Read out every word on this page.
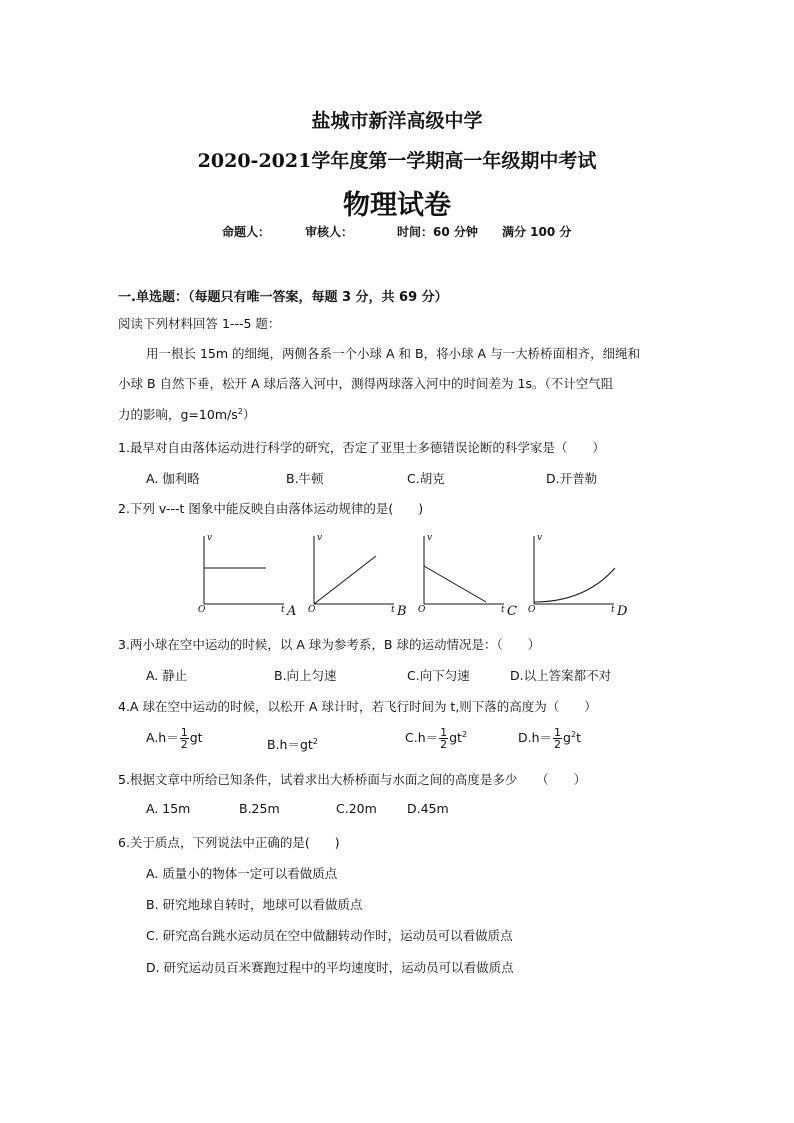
盐城市新洋高级中学
2020-2021学年度第一学期高一年级期中考试
物理试卷
命题人：	审核人：	时间：60 分钟 满分 100 分
一.单选题：（每题只有唯一答案，每题 3 分，共 69 分）
阅读下列材料回答 1---5 题：
用一根长 15m 的细绳，两侧各系一个小球 A 和 B，将小球 A 与一大桥桥面相齐，细绳和
小球 B 自然下垂，松开 A 球后落入河中，测得两球落入河中的时间差为 1s。（不计空气阻
力的影响，$g=10m/s^2$）
1.最早对自由落体运动进行科学的研究，否定了亚里士多德错误论断的科学家是（　　）
A. 伽利略	B.牛顿	C.胡克	D.开普勒
2.下列 v---t 图象中能反映自由落体运动规律的是(　　)
v
O	t
v
O	t
v
O	t
v
O	t
A	B	C	D
3.两小球在空中运动的时候，以 A 球为参考系，B 球的运动情况是：（　　）
A. 静止	B.向上匀速	C.向下匀速	D.以上答案都不对
4.A 球在空中运动的时候，以松开 A 球计时，若飞行时间为 t,则下落的高度为（　　）
$A.h= \frac{1}{2}$ gt	$B.h=gt^2$	$C.h= \frac{1}{2} gt^2$	$D.h= \frac{1}{2} g^2t$
5.根据文章中所给已知条件，试着求出大桥桥面与水面之间的高度是多少　　（　　）
A. 15m	B.25m	C.20m D.45m
6.关于质点，下列说法中正确的是(　　)
A. 质量小的物体一定可以看做质点
B. 研究地球自转时，地球可以看做质点
C. 研究高台跳水运动员在空中做翻转动作时，运动员可以看做质点
D. 研究运动员百米赛跑过程中的平均速度时，运动员可以看做质点
